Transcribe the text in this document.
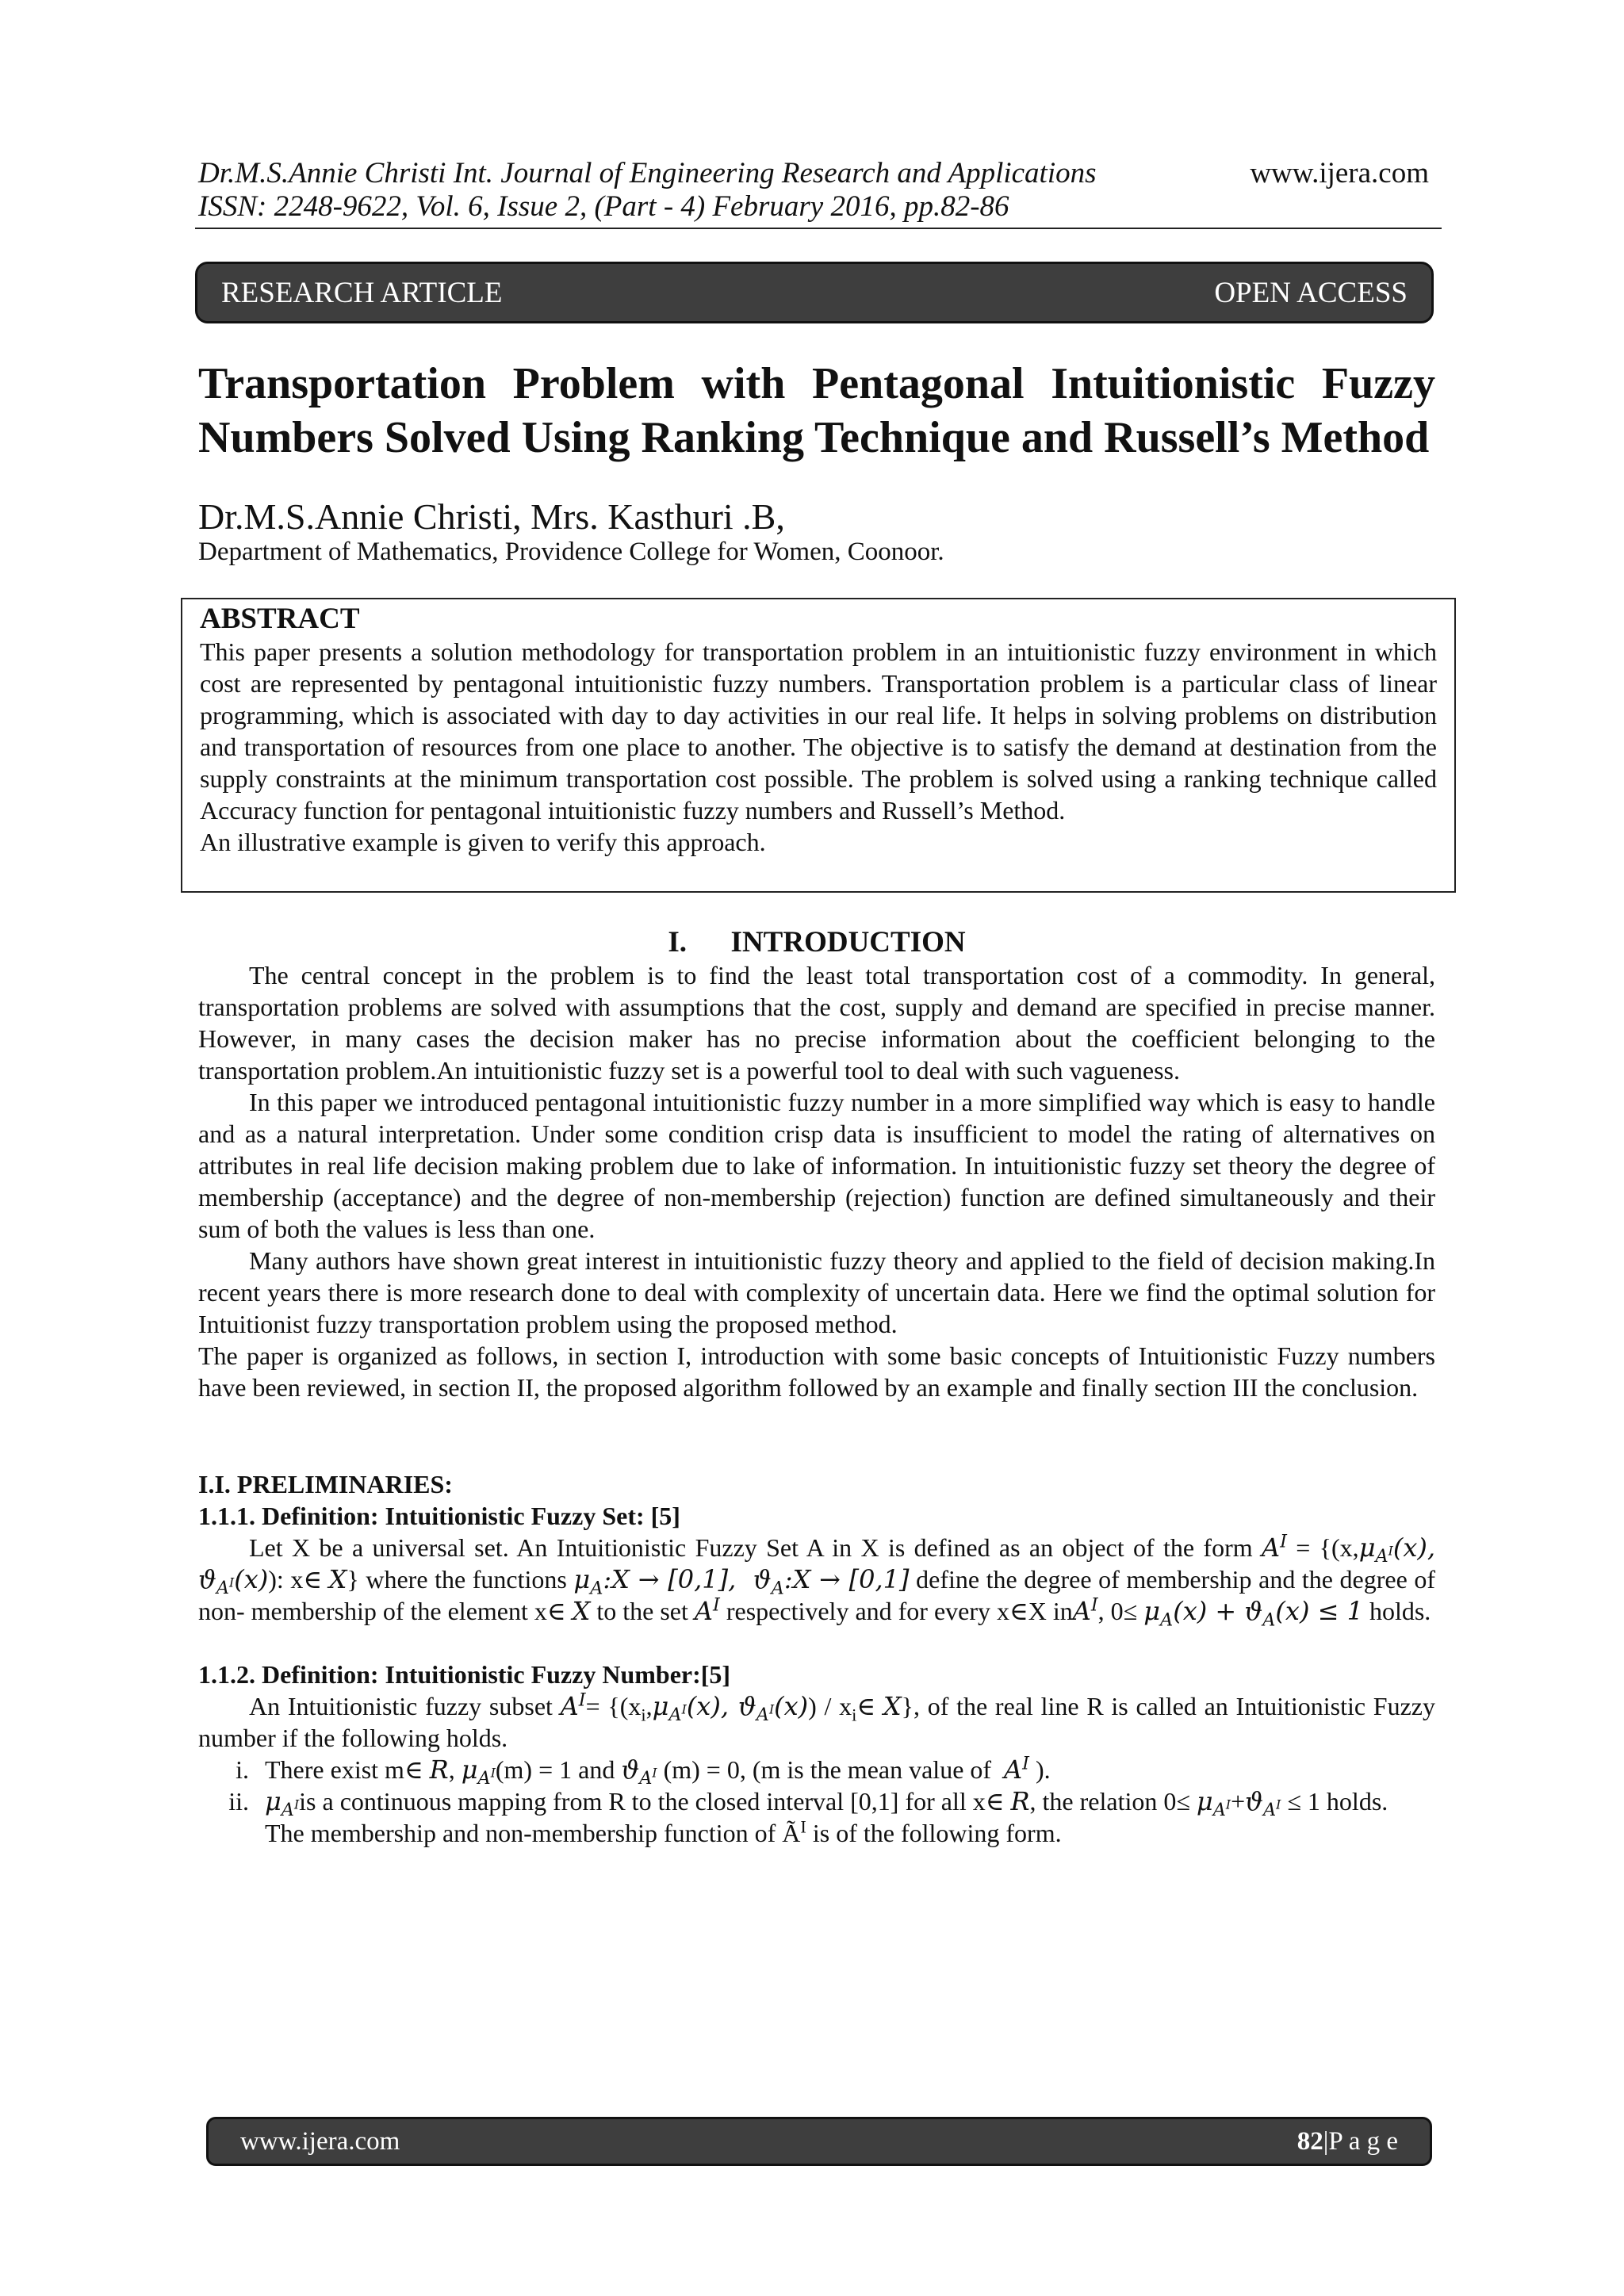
Dr.M.S.Annie Christi Int. Journal of Engineering Research and Applications	www.ijera.com
ISSN: 2248-9622, Vol. 6, Issue 2, (Part - 4) February 2016, pp.82-86
RESEARCH ARTICLE	OPEN ACCESS
Transportation Problem with Pentagonal Intuitionistic Fuzzy
Numbers Solved Using Ranking Technique and Russell’s Method
Dr.M.S.Annie Christi, Mrs. Kasthuri .B,
Department of Mathematics, Providence College for Women, Coonoor.
ABSTRACT

This paper presents a solution methodology for transportation problem in an intuitionistic fuzzy environment in which cost are represented by pentagonal intuitionistic fuzzy numbers. Transportation problem is a particular class of linear programming, which is associated with day to day activities in our real life. It helps in solving problems on distribution and transportation of resources from one place to another. The objective is to satisfy the demand at destination from the supply constraints at the minimum transportation cost possible. The problem is solved using a ranking technique called Accuracy function for pentagonal intuitionistic fuzzy numbers and Russell’s Method.

An illustrative example is given to verify this approach.

I.      INTRODUCTION

The central concept in the problem is to find the least total transportation cost of a commodity. In general, transportation problems are solved with assumptions that the cost, supply and demand are specified in precise manner. However, in many cases the decision maker has no precise information about the coefficient belonging to the transportation problem.An intuitionistic fuzzy set is a powerful tool to deal with such vagueness.

In this paper we introduced pentagonal intuitionistic fuzzy number in a more simplified way which is easy to handle and as a natural interpretation. Under some condition crisp data is insufficient to model the rating of alternatives on attributes in real life decision making problem due to lake of information. In intuitionistic fuzzy set theory the degree of membership (acceptance) and the degree of non-membership (rejection) function are defined simultaneously and their sum of both the values is less than one.

Many authors have shown great interest in intuitionistic fuzzy theory and applied to the field of decision making.In recent years there is more research done to deal with complexity of uncertain data. Here we find the optimal solution for Intuitionist fuzzy transportation problem using the proposed method.

The paper is organized as follows, in section I, introduction with some basic concepts of Intuitionistic Fuzzy numbers have been reviewed, in section II, the proposed algorithm followed by an example and finally section III the conclusion.

I.I. PRELIMINARIES:
1.1.1. Definition: Intuitionistic Fuzzy Set: [5]

Let X be a universal set. An Intuitionistic Fuzzy Set A in X is defined as an object of the form $A^I = \{(x,\mu_{A^I}(x)$, $ϑ_{A^I}(x)$): x∈ X} where the functions $\mu_A:X \to [0,1]$,  $ϑ_A:X \to [0,1]$ define the degree of membership and the degree of non- membership of the element x∈ X to the set $A^I$ respectively and for every x∈X inA$^I$, $0\le \mu_A(x) + ϑ_A(x) \le 1$ holds.

1.1.2. Definition: Intuitionistic Fuzzy Number:[5]

An Intuitionistic fuzzy subset $A^I= \{(x_i,\mu_{A^I}(x)$, $ϑ_{A^I}(x)$) / $x_i\in$ X}, of the real line R is called an Intuitionistic Fuzzy number if the following holds.

i. There exist m∈ R, $\mu_{A^I}(m) = 1$ and $ϑ_{A^I}$ (m) = 0, (m is the mean value of $A^I$ ).
ii. $\mu_{A^I}is$ a continuous mapping from R to the closed interval [0,1] for all x∈ R, the relation $0\le \mu_{A^I}+ϑ_{A^I} \le 1$ holds.
The membership and non-membership function of $Ã^I$ is of the following form.
www.ijera.com	82|P a g e
